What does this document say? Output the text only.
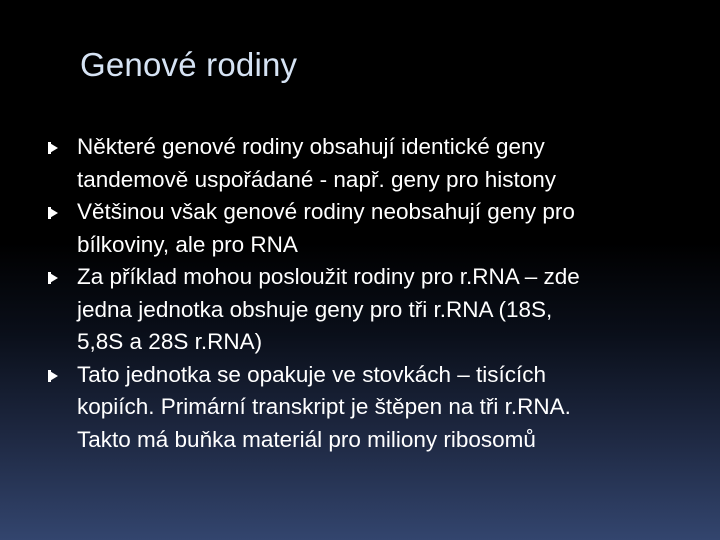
Genové rodiny
Některé genové rodiny obsahují identické geny
tandemově uspořádané - např. geny pro histony
Většinou však genové rodiny neobsahují geny pro
bílkoviny, ale pro RNA
Za příklad mohou posloužit rodiny pro r.RNA – zde
jedna jednotka obshuje geny pro tři r.RNA (18S,
5,8S a 28S r.RNA)
Tato jednotka se opakuje ve stovkách – tisících
kopiích. Primární transkript je štěpen na tři r.RNA.
Takto má buňka materiál pro miliony ribosomů
